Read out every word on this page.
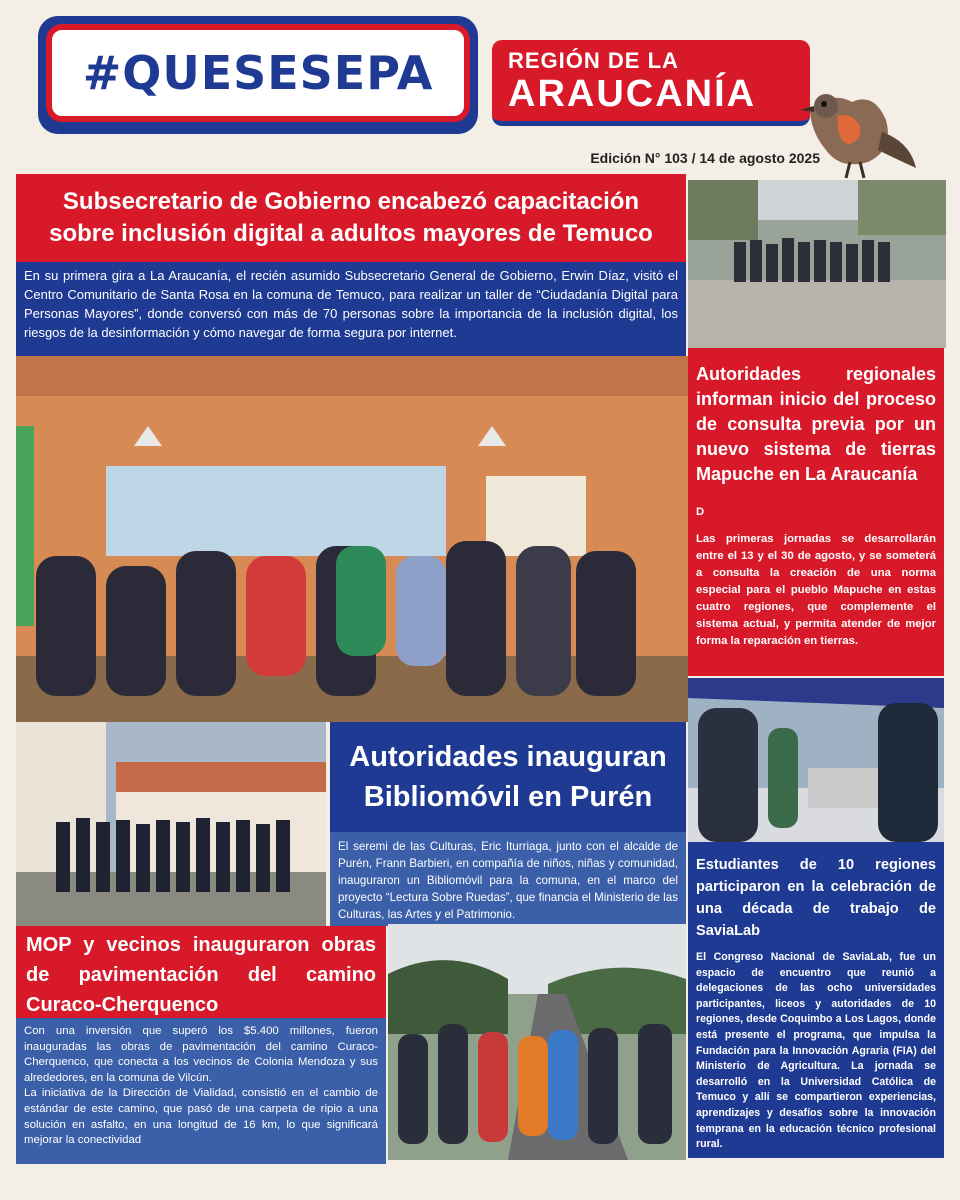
#QUESESEPA	REGIÓN DE LA
ARAUCANÍA
Edición N° 103 / 14 de agosto 2025
Subsecretario de Gobierno encabezó capacitación sobre inclusión digital a adultos mayores de Temuco
En su primera gira a La Araucanía, el recién asumido Subsecretario General de Gobierno, Erwin Díaz, visitó el Centro Comunitario de Santa Rosa en la comuna de Temuco, para realizar un taller de “Ciudadanía Digital para Personas Mayores”, donde conversó con más de 70 personas sobre la importancia de la inclusión digital, los riesgos de la desinformación y cómo navegar de forma segura por internet.
Autoridades regionales informan inicio del proceso de consulta previa por un nuevo sistema de tierras Mapuche en La Araucanía
D
Las primeras jornadas se desarrollarán entre el 13 y el 30 de agosto, y se someterá a consulta la creación de una norma especial para el pueblo Mapuche en estas cuatro regiones, que complemente el sistema actual, y permita atender de mejor forma la reparación en tierras.
Autoridades inauguran Bibliomóvil en Purén
El seremi de las Culturas, Eric Iturriaga, junto con el alcalde de Purén, Frann Barbieri, en compañía de niños, niñas y comunidad, inauguraron un Bibliomóvil para la comuna, en el marco del proyecto “Lectura Sobre Ruedas”, que financia el Ministerio de las Culturas, las Artes y el Patrimonio.
Estudiantes de 10 regiones participaron en la celebración de una década de trabajo de SaviaLab
El Congreso Nacional de SaviaLab, fue un espacio de encuentro que reunió a delegaciones de las ocho universidades participantes, liceos y autoridades de 10 regiones, desde Coquimbo a Los Lagos, donde está presente el programa, que impulsa la Fundación para la Innovación Agraria (FIA) del Ministerio de Agricultura. La jornada se desarrolló en la Universidad Católica de Temuco y allí se compartieron experiencias, aprendizajes y desafíos sobre la innovación temprana en la educación técnico profesional rural.
MOP y vecinos inauguraron obras de pavimentación del camino Curaco-Cherquenco
Con una inversión que superó los $5.400 millones, fueron inauguradas las obras de pavimentación del camino Curaco-Cherquenco, que conecta a los vecinos de Colonia Mendoza y sus alrededores, en la comuna de Vilcún.
La iniciativa de la Dirección de Vialidad, consistió en el cambio de estándar de este camino, que pasó de una carpeta de ripio a una solución en asfalto, en una longitud de 16 km, lo que significará mejorar la conectividad
